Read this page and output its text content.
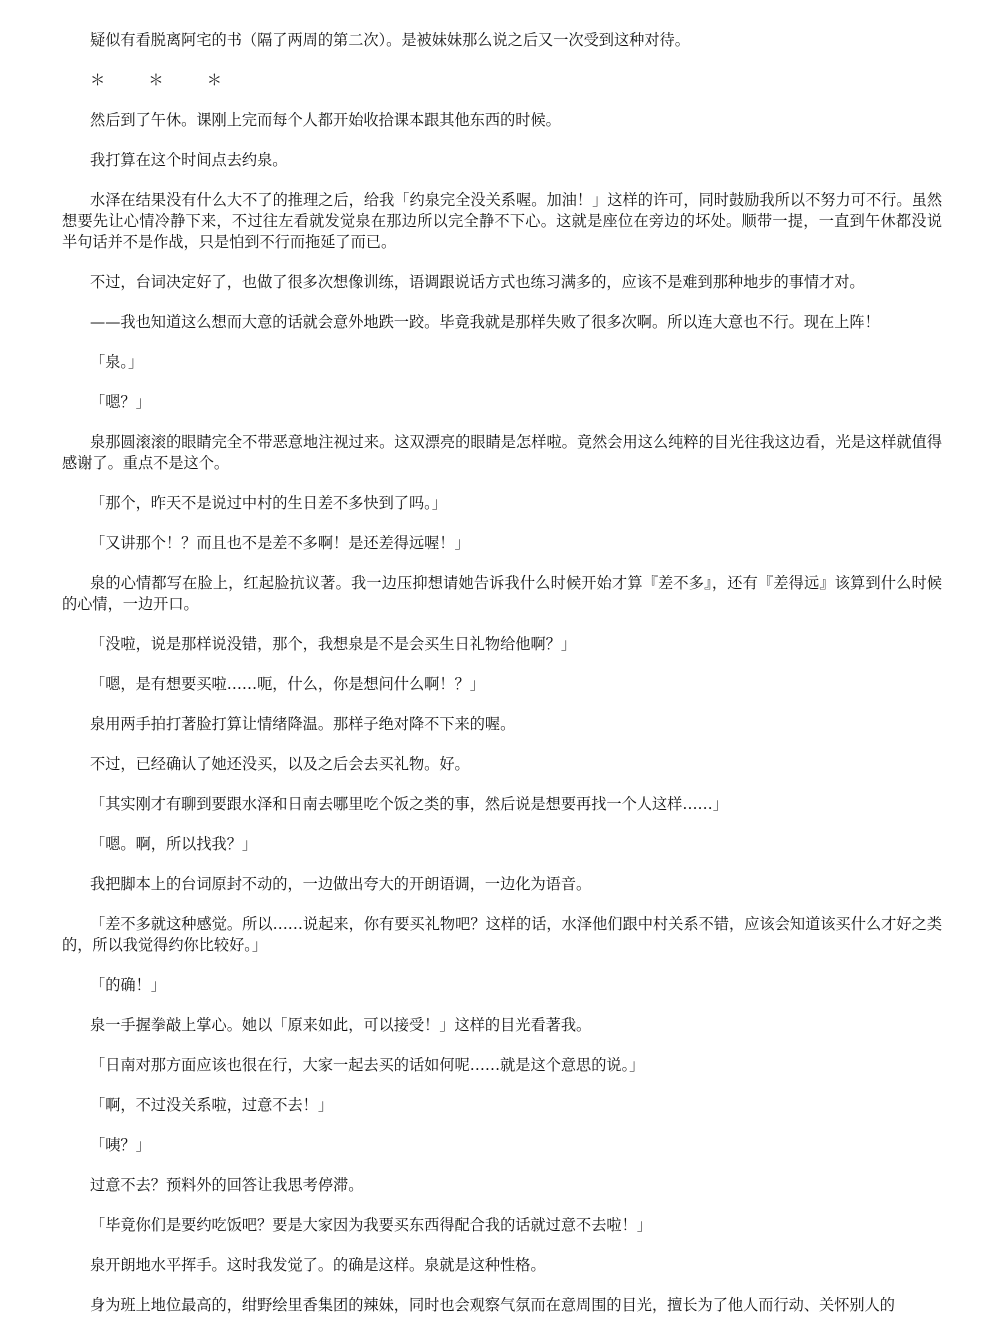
疑似有看脱离阿宅的书（隔了两周的第二次）。是被妹妹那么说之后又一次受到这种对待。

＊　＊　＊

然后到了午休。课刚上完而每个人都开始收拾课本跟其他东西的时候。

我打算在这个时间点去约泉。

水泽在结果没有什么大不了的推理之后，给我「约泉完全没关系喔。加油！」这样的许可，同时鼓励我所以不努力可不行。虽然想要先让心情冷静下来，不过往左看就发觉泉在那边所以完全静不下心。这就是座位在旁边的坏处。顺带一提，一直到午休都没说半句话并不是作战，只是怕到不行而拖延了而已。

不过，台词决定好了，也做了很多次想像训练，语调跟说话方式也练习满多的，应该不是难到那种地步的事情才对。

——我也知道这么想而大意的话就会意外地跌一跤。毕竟我就是那样失败了很多次啊。所以连大意也不行。现在上阵！

「泉。」

「嗯？」

泉那圆滚滚的眼睛完全不带恶意地注视过来。这双漂亮的眼睛是怎样啦。竟然会用这么纯粹的目光往我这边看，光是这样就值得感谢了。重点不是这个。

「那个，昨天不是说过中村的生日差不多快到了吗。」

「又讲那个！？而且也不是差不多啊！是还差得远喔！」

泉的心情都写在脸上，红起脸抗议著。我一边压抑想请她告诉我什么时候开始才算『差不多』，还有『差得远』该算到什么时候的心情，一边开口。

「没啦，说是那样说没错，那个，我想泉是不是会买生日礼物给他啊？」

「嗯，是有想要买啦……呃，什么，你是想问什么啊！？」

泉用两手拍打著脸打算让情绪降温。那样子绝对降不下来的喔。

不过，已经确认了她还没买，以及之后会去买礼物。好。

「其实刚才有聊到要跟水泽和日南去哪里吃个饭之类的事，然后说是想要再找一个人这样……」

「嗯。啊，所以找我？」

我把脚本上的台词原封不动的，一边做出夸大的开朗语调，一边化为语音。

「差不多就这种感觉。所以……说起来，你有要买礼物吧？这样的话，水泽他们跟中村关系不错，应该会知道该买什么才好之类的，所以我觉得约你比较好。」

「的确！」

泉一手握拳敲上掌心。她以「原来如此，可以接受！」这样的目光看著我。

「日南对那方面应该也很在行，大家一起去买的话如何呢……就是这个意思的说。」

「啊，不过没关系啦，过意不去！」

「咦？」

过意不去？预料外的回答让我思考停滞。

「毕竟你们是要约吃饭吧？要是大家因为我要买东西得配合我的话就过意不去啦！」

泉开朗地水平挥手。这时我发觉了。的确是这样。泉就是这种性格。

身为班上地位最高的，绀野绘里香集团的辣妹，同时也会观察气氛而在意周围的目光，擅长为了他人而行动、关怀别人的
